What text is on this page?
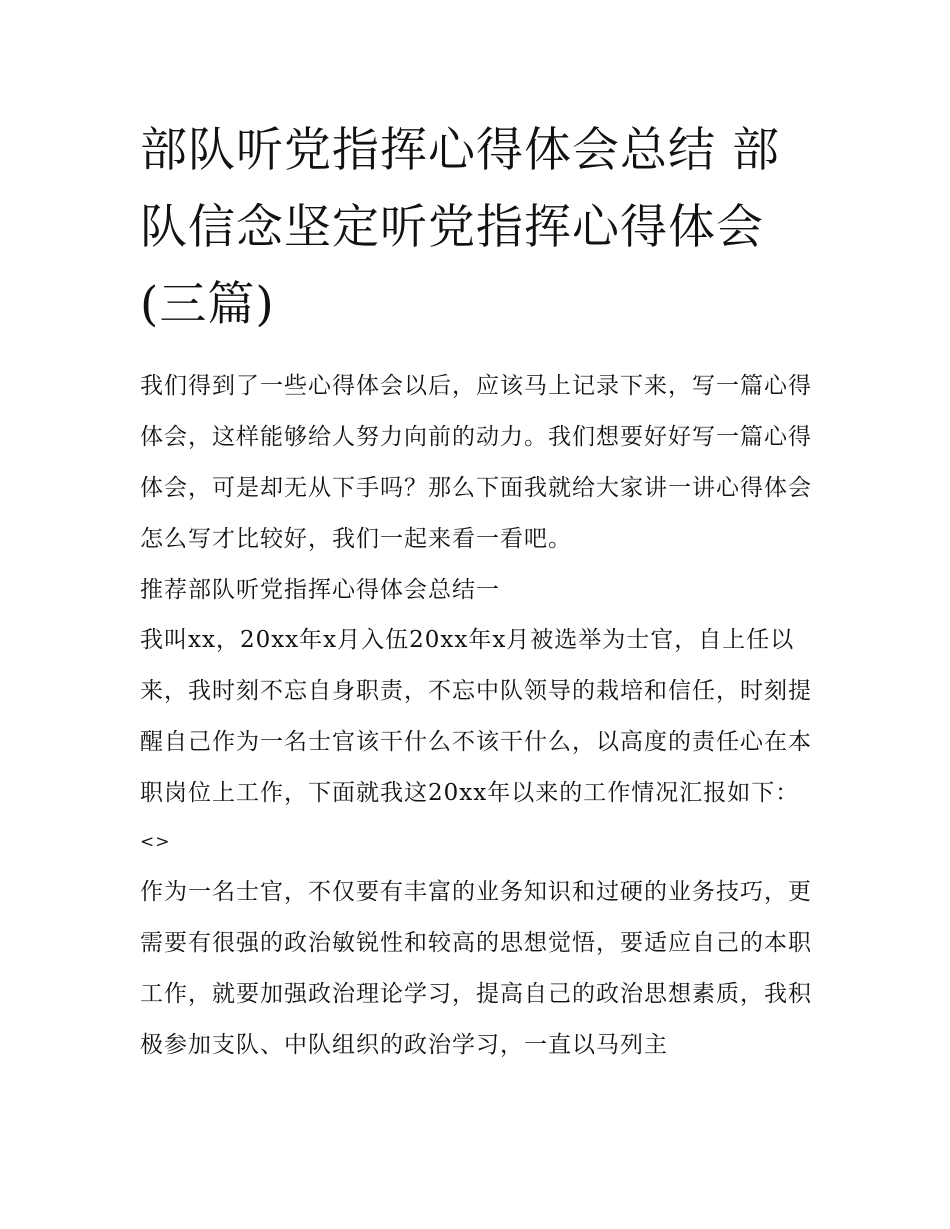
部队听党指挥心得体会总结 部队信念坚定听党指挥心得体会(三篇)

我们得到了一些心得体会以后，应该马上记录下来，写一篇心得体会，这样能够给人努力向前的动力。我们想要好好写一篇心得体会，可是却无从下手吗？那么下面我就给大家讲一讲心得体会怎么写才比较好，我们一起来看一看吧。

推荐部队听党指挥心得体会总结一

我叫xx，20xx年x月入伍20xx年x月被选举为士官，自上任以来，我时刻不忘自身职责，不忘中队领导的栽培和信任，时刻提醒自己作为一名士官该干什么不该干什么，以高度的责任心在本职岗位上工作，下面就我这20xx年以来的工作情况汇报如下：

<>

作为一名士官，不仅要有丰富的业务知识和过硬的业务技巧，更需要有很强的政治敏锐性和较高的思想觉悟，要适应自己的本职工作，就要加强政治理论学习，提高自己的政治思想素质，我积极参加支队、中队组织的政治学习，一直以马列主
